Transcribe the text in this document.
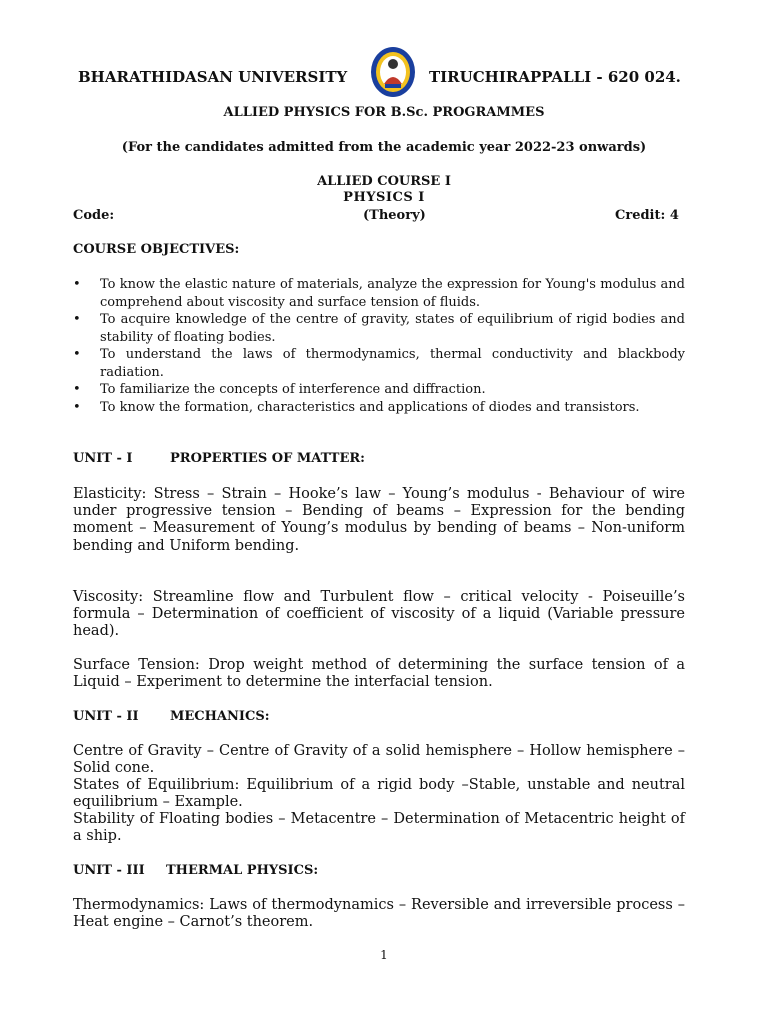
BHARATHIDASAN UNIVERSITY	TIRUCHIRAPPALLI - 620 024.
ALLIED PHYSICS FOR B.Sc. PROGRAMMES
(For the candidates admitted from the academic year 2022-23 onwards)
ALLIED COURSE I
PHYSICS I
Code:	(Theory)	Credit: 4
COURSE OBJECTIVES:
• To know the elastic nature of materials, analyze the expression for Young's modulus and comprehend about viscosity and surface tension of fluids.
• To acquire knowledge of the centre of gravity, states of equilibrium of rigid bodies and stability of floating bodies.
• To understand the laws of thermodynamics, thermal conductivity and blackbody radiation.
• To familiarize the concepts of interference and diffraction.
• To know the formation, characteristics and applications of diodes and transistors.
UNIT - I	PROPERTIES OF MATTER:
Elasticity: Stress – Strain – Hooke’s law – Young’s modulus - Behaviour of wire under progressive tension – Bending of beams – Expression for the bending moment – Measurement of Young’s modulus by bending of beams – Non-uniform bending and Uniform bending.
Viscosity: Streamline flow and Turbulent flow – critical velocity - Poiseuille’s formula – Determination of coefficient of viscosity of a liquid (Variable pressure head).
Surface Tension: Drop weight method of determining the surface tension of a Liquid – Experiment to determine the interfacial tension.
UNIT - II MECHANICS:
Centre of Gravity – Centre of Gravity of a solid hemisphere – Hollow hemisphere – Solid cone.
States of Equilibrium: Equilibrium of a rigid body –Stable, unstable and neutral equilibrium – Example.
Stability of Floating bodies – Metacentre – Determination of Metacentric height of a ship.
UNIT - III THERMAL PHYSICS:
Thermodynamics: Laws of thermodynamics – Reversible and irreversible process – Heat engine – Carnot’s theorem.
1
